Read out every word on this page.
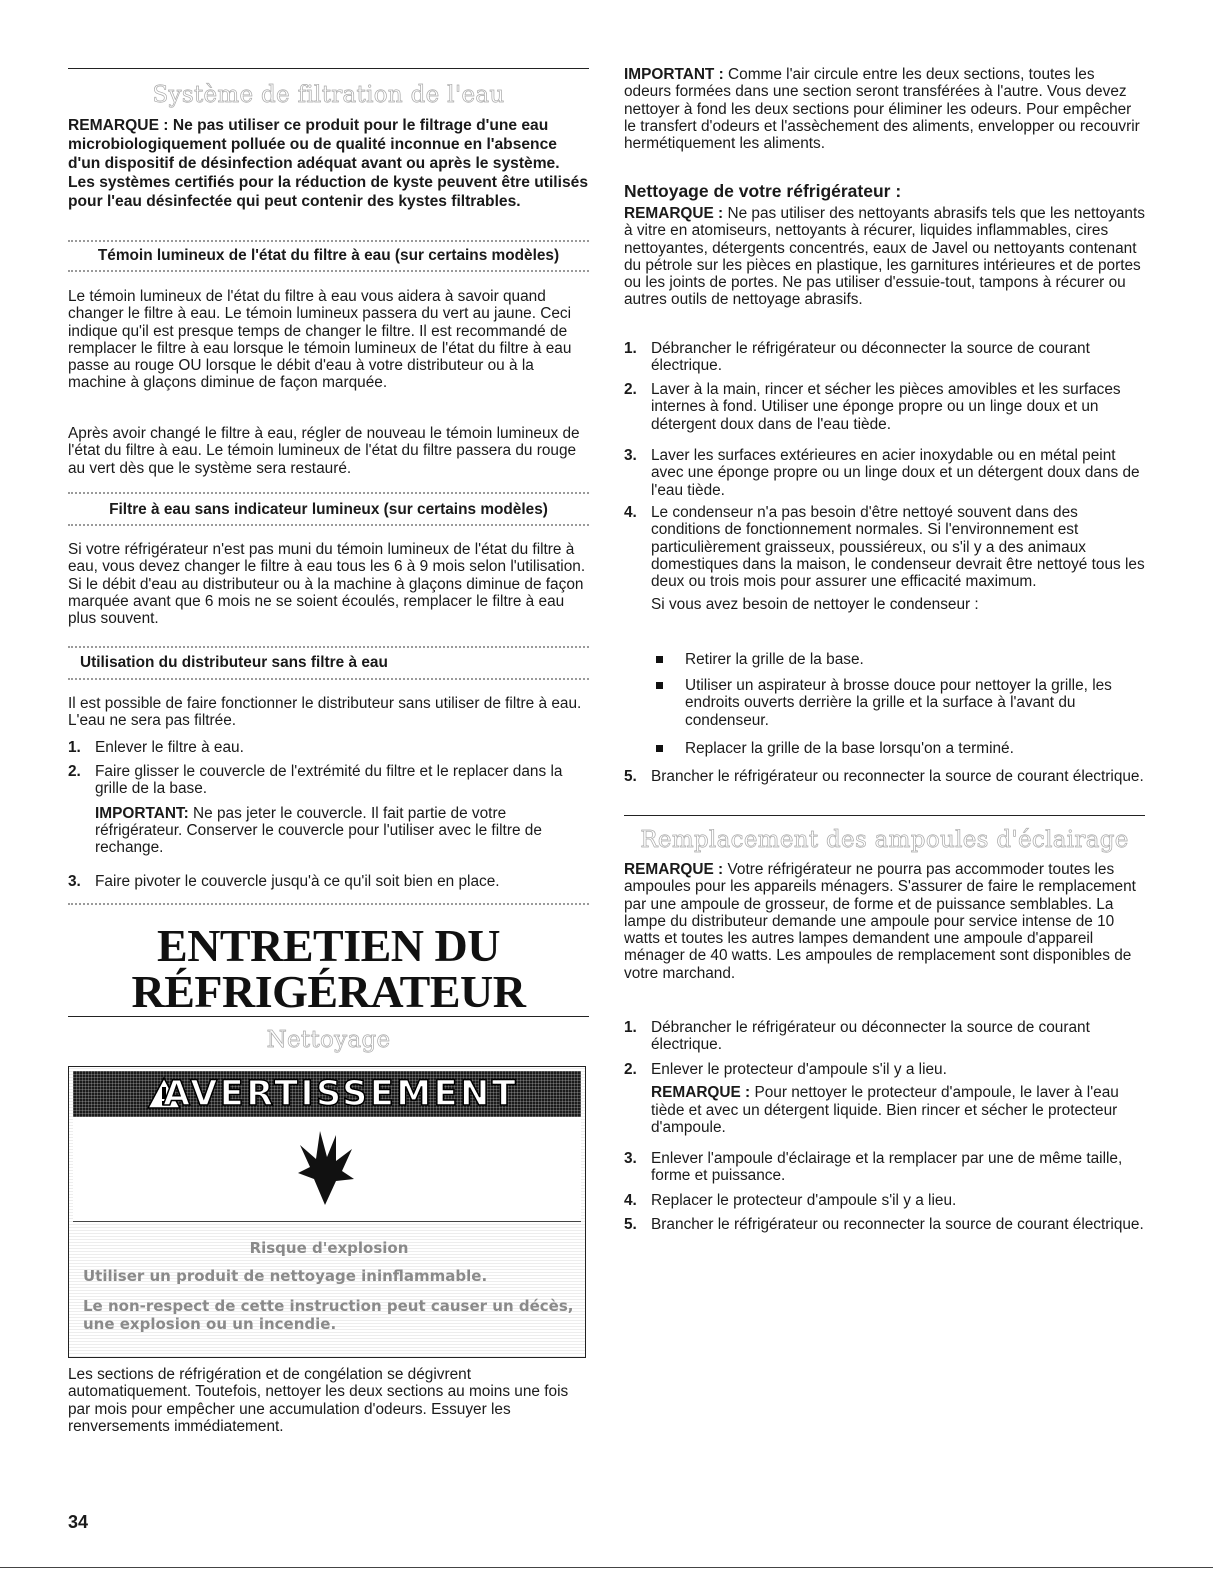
Système de filtration de l'eau

REMARQUE : Ne pas utiliser ce produit pour le filtrage d'une eau microbiologiquement polluée ou de qualité inconnue en l'absence d'un dispositif de désinfection adéquat avant ou après le système. Les systèmes certifiés pour la réduction de kyste peuvent être utilisés pour l'eau désinfectée qui peut contenir des kystes filtrables.

Témoin lumineux de l'état du filtre à eau (sur certains modèles)

Le témoin lumineux de l'état du filtre à eau vous aidera à savoir quand changer le filtre à eau. Le témoin lumineux passera du vert au jaune. Ceci indique qu'il est presque temps de changer le filtre. Il est recommandé de remplacer le filtre à eau lorsque le témoin lumineux de l'état du filtre à eau passe au rouge OU lorsque le débit d'eau à votre distributeur ou à la machine à glaçons diminue de façon marquée.

Après avoir changé le filtre à eau, régler de nouveau le témoin lumineux de l'état du filtre à eau. Le témoin lumineux de l'état du filtre passera du rouge au vert dès que le système sera restauré.

Filtre à eau sans indicateur lumineux (sur certains modèles)

Si votre réfrigérateur n'est pas muni du témoin lumineux de l'état du filtre à eau, vous devez changer le filtre à eau tous les 6 à 9 mois selon l'utilisation. Si le débit d'eau au distributeur ou à la machine à glaçons diminue de façon marquée avant que 6 mois ne se soient écoulés, remplacer le filtre à eau plus souvent.

Utilisation du distributeur sans filtre à eau

Il est possible de faire fonctionner le distributeur sans utiliser de filtre à eau. L'eau ne sera pas filtrée.

1. Enlever le filtre à eau.

2. Faire glisser le couvercle de l'extrémité du filtre et le replacer dans la grille de la base.

IMPORTANT: Ne pas jeter le couvercle. Il fait partie de votre réfrigérateur. Conserver le couvercle pour l'utiliser avec le filtre de rechange.

3. Faire pivoter le couvercle jusqu'à ce qu'il soit bien en place.

ENTRETIEN DU
RÉFRIGÉRATEUR
Nettoyage
AVERTISSEMENT
Risque d'explosion
Utiliser un produit de nettoyage ininflammable.
Le non-respect de cette instruction peut causer un décès, une explosion ou un incendie.

Les sections de réfrigération et de congélation se dégivrent automatiquement. Toutefois, nettoyer les deux sections au moins une fois par mois pour empêcher une accumulation d'odeurs. Essuyer les renversements immédiatement.

IMPORTANT : Comme l'air circule entre les deux sections, toutes les odeurs formées dans une section seront transférées à l'autre. Vous devez nettoyer à fond les deux sections pour éliminer les odeurs. Pour empêcher le transfert d'odeurs et l'assèchement des aliments, envelopper ou recouvrir hermétiquement les aliments.

Nettoyage de votre réfrigérateur :

REMARQUE : Ne pas utiliser des nettoyants abrasifs tels que les nettoyants à vitre en atomiseurs, nettoyants à récurer, liquides inflammables, cires nettoyantes, détergents concentrés, eaux de Javel ou nettoyants contenant du pétrole sur les pièces en plastique, les garnitures intérieures et de portes ou les joints de portes. Ne pas utiliser d'essuie-tout, tampons à récurer ou autres outils de nettoyage abrasifs.

1. Débrancher le réfrigérateur ou déconnecter la source de courant électrique.

2. Laver à la main, rincer et sécher les pièces amovibles et les surfaces internes à fond. Utiliser une éponge propre ou un linge doux et un détergent doux dans de l'eau tiède.

3. Laver les surfaces extérieures en acier inoxydable ou en métal peint avec une éponge propre ou un linge doux et un détergent doux dans de l'eau tiède.

4. Le condenseur n'a pas besoin d'être nettoyé souvent dans des conditions de fonctionnement normales. Si l'environnement est particulièrement graisseux, poussiéreux, ou s'il y a des animaux domestiques dans la maison, le condenseur devrait être nettoyé tous les deux ou trois mois pour assurer une efficacité maximum.

Si vous avez besoin de nettoyer le condenseur :

Retirer la grille de la base.

Utiliser un aspirateur à brosse douce pour nettoyer la grille, les endroits ouverts derrière la grille et la surface à l'avant du condenseur.

Replacer la grille de la base lorsqu'on a terminé.

5. Brancher le réfrigérateur ou reconnecter la source de courant électrique.

Remplacement des ampoules d'éclairage

REMARQUE : Votre réfrigérateur ne pourra pas accommoder toutes les ampoules pour les appareils ménagers. S'assurer de faire le remplacement par une ampoule de grosseur, de forme et de puissance semblables. La lampe du distributeur demande une ampoule pour service intense de 10 watts et toutes les autres lampes demandent une ampoule d'appareil ménager de 40 watts. Les ampoules de remplacement sont disponibles de votre marchand.

1. Débrancher le réfrigérateur ou déconnecter la source de courant électrique.

2. Enlever le protecteur d'ampoule s'il y a lieu.

REMARQUE : Pour nettoyer le protecteur d'ampoule, le laver à l'eau tiède et avec un détergent liquide. Bien rincer et sécher le protecteur d'ampoule.

3. Enlever l'ampoule d'éclairage et la remplacer par une de même taille, forme et puissance.

4. Replacer le protecteur d'ampoule s'il y a lieu.

5. Brancher le réfrigérateur ou reconnecter la source de courant électrique.

34
